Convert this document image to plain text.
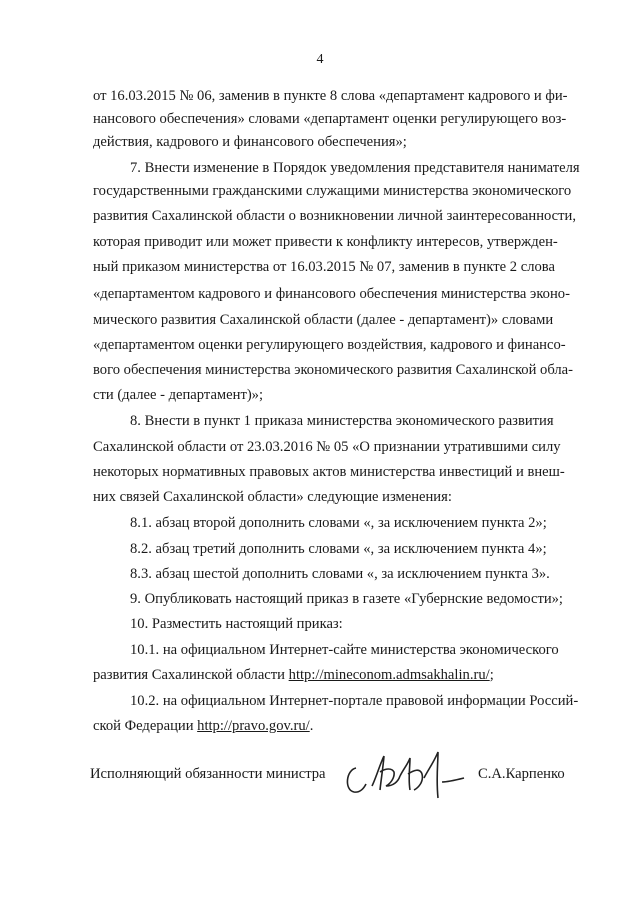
4
от 16.03.2015 № 06, заменив в пункте 8 слова «департамент кадрового и фи-
нансового обеспечения» словами «департамент оценки регулирующего воз-
действия, кадрового и финансового обеспечения»;
7. Внести изменение в Порядок уведомления представителя нанимателя
государственными гражданскими служащими министерства экономического
развития Сахалинской области о возникновении личной заинтересованности,
которая приводит или может привести к конфликту интересов, утвержден-
ный приказом министерства от 16.03.2015 № 07, заменив в пункте 2 слова
«департаментом кадрового и финансового обеспечения министерства эконо-
мического развития Сахалинской области (далее - департамент)» словами
«департаментом оценки регулирующего воздействия, кадрового и финансо-
вого обеспечения министерства экономического развития Сахалинской обла-
сти (далее - департамент)»;
8. Внести в пункт 1 приказа министерства экономического развития
Сахалинской области от 23.03.2016 № 05 «О признании утратившими силу
некоторых нормативных правовых актов министерства инвестиций и внеш-
них связей Сахалинской области» следующие изменения:
8.1. абзац второй дополнить словами «, за исключением пункта 2»;
8.2. абзац третий дополнить словами «, за исключением пункта 4»;
8.3. абзац шестой дополнить словами «, за исключением пункта 3».
9. Опубликовать настоящий приказ в газете «Губернские ведомости»;
10. Разместить настоящий приказ:
10.1. на официальном Интернет-сайте министерства экономического
развития Сахалинской области http://mineconom.admsakhalin.ru/;
10.2. на официальном Интернет-портале правовой информации Россий-
ской Федерации http://pravo.gov.ru/.
Исполняющий обязанности министра	С.А.Карпенко
